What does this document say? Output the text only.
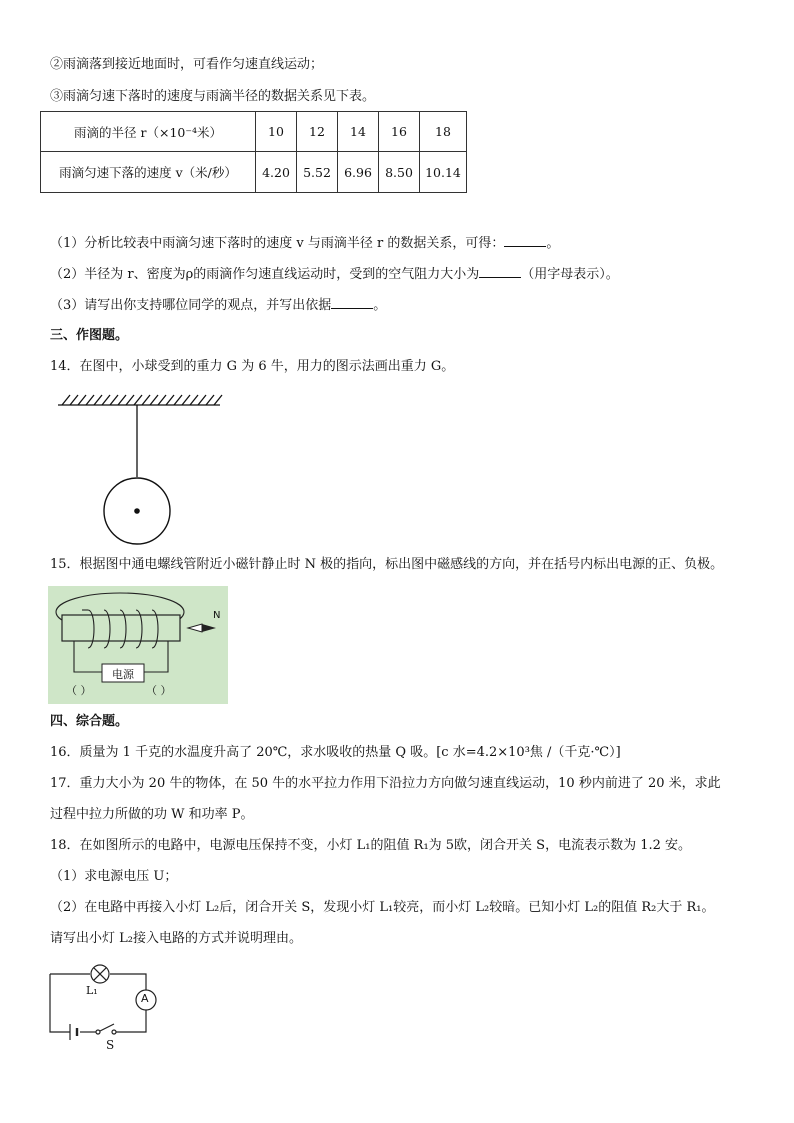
②雨滴落到接近地面时，可看作匀速直线运动；
③雨滴匀速下落时的速度与雨滴半径的数据关系见下表。
雨滴的半径 r（×10⁻⁴米）	10	12	14	16	18
雨滴匀速下落的速度 v（米/秒）	4.20	5.52	6.96	8.50	10.14
（1）分析比较表中雨滴匀速下落时的速度 v 与雨滴半径 r 的数据关系，可得：	。
（2）半径为 r、密度为ρ的雨滴作匀速直线运动时，受到的空气阻力大小为	（用字母表示）。
（3）请写出你支持哪位同学的观点，并写出依据	。
三、作图题。
14．在图中，小球受到的重力 G 为 6 牛，用力的图示法画出重力 G。
15．根据图中通电螺线管附近小磁针静止时 N 极的指向，标出图中磁感线的方向，并在括号内标出电源的正、负极。
N
电源
（ ）	（ ）
四、综合题。
16．质量为 1 千克的水温度升高了 20℃，求水吸收的热量 Q 吸。[c 水=4.2×10³焦 /（千克·℃）]
17．重力大小为 20 牛的物体，在 50 牛的水平拉力作用下沿拉力方向做匀速直线运动，10 秒内前进了 20 米，求此
过程中拉力所做的功 W 和功率 P。
18．在如图所示的电路中，电源电压保持不变，小灯 L₁的阻值 R₁为 5欧，闭合开关 S，电流表示数为 1.2 安。
（1）求电源电压 U；
（2）在电路中再接入小灯 L₂后，闭合开关 S，发现小灯 L₁较亮，而小灯 L₂较暗。已知小灯 L₂的阻值 R₂大于 R₁。
请写出小灯 L₂接入电路的方式并说明理由。
L₁
A
S
